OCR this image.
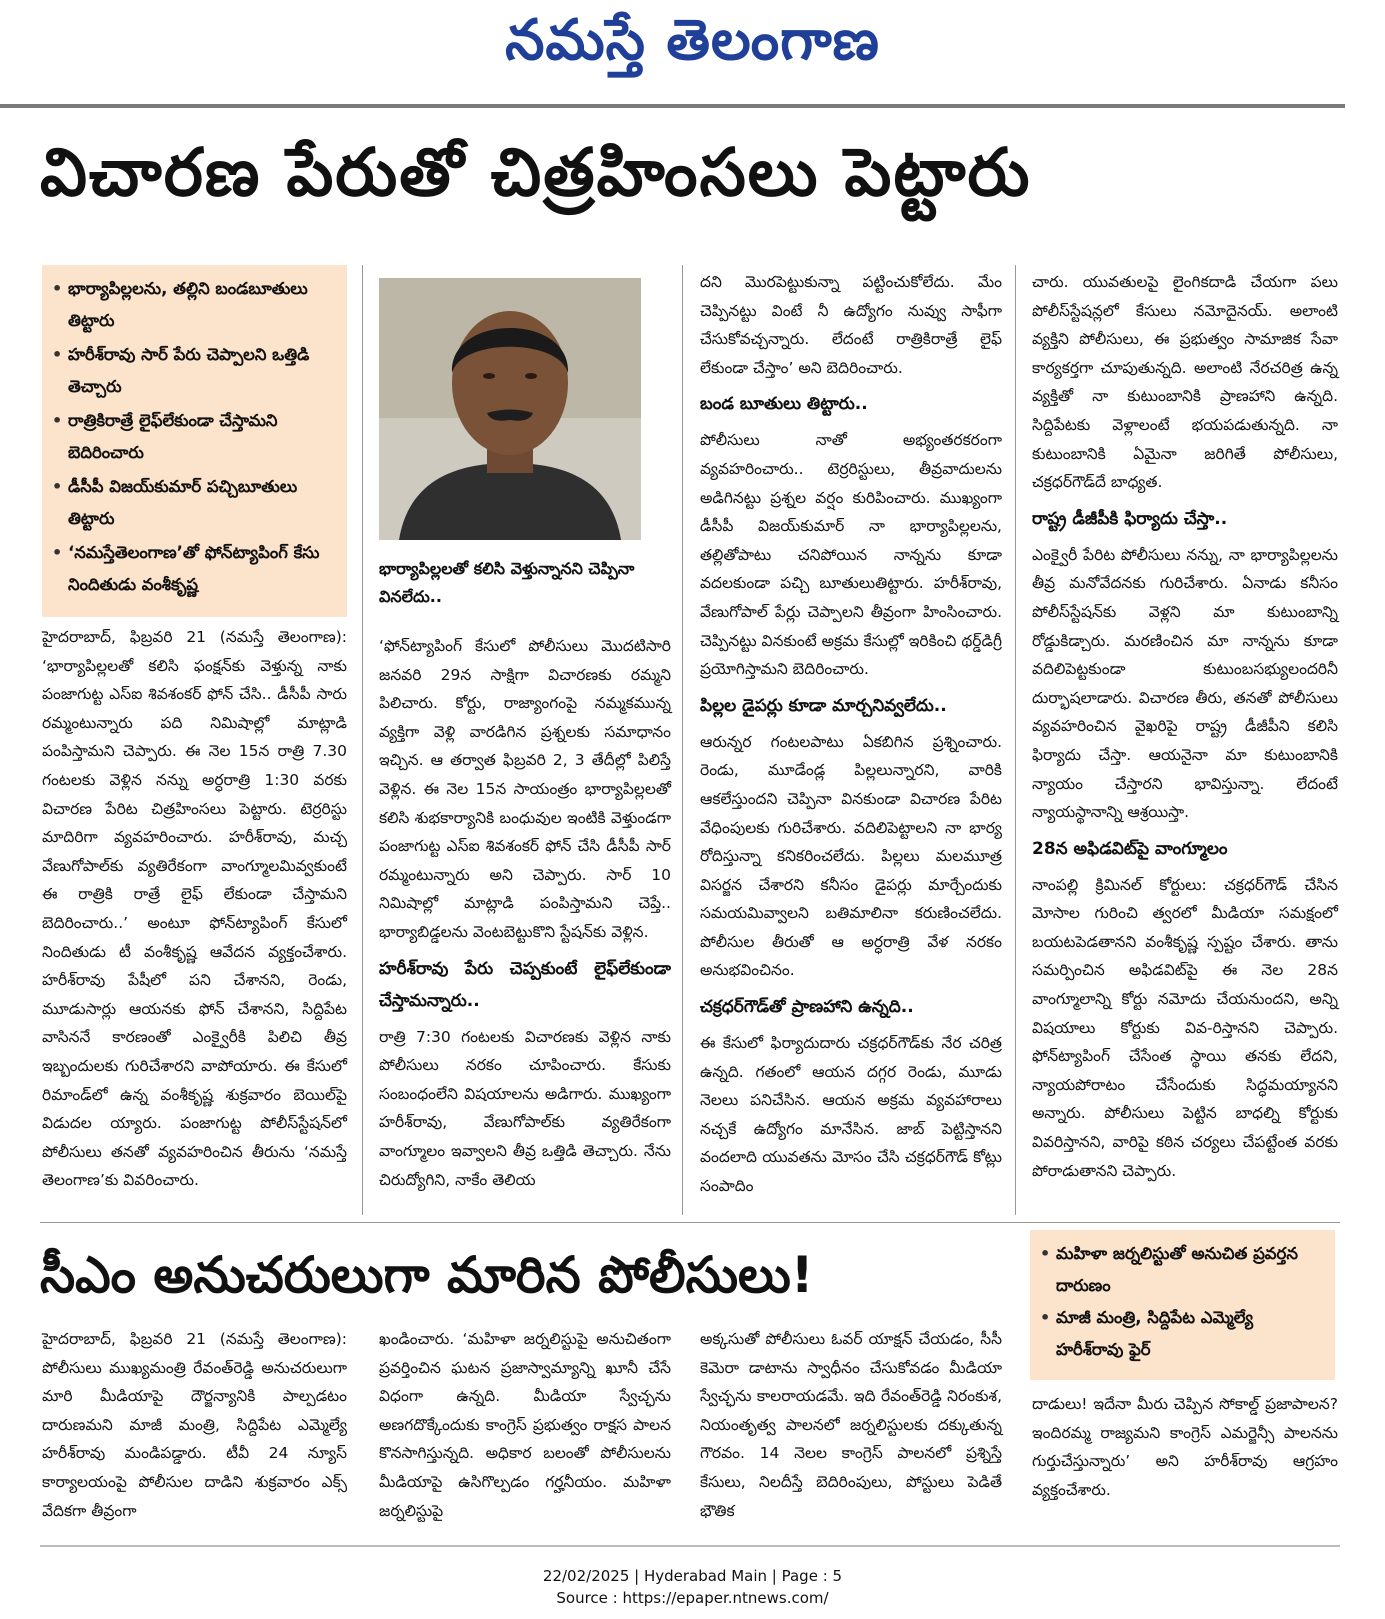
నమస్తే తెలంగాణ
విచారణ పేరుతో చిత్రహింసలు పెట్టారు
• భార్యాపిల్లలను, తల్లిని బండబూతులు తిట్టారు
• హరీశ్‌రావు సార్ పేరు చెప్పాలని ఒత్తిడి తెచ్చారు
• రాత్రికిరాత్రే లైఫ్‌లేకుండా చేస్తామని బెదిరించారు
• డీసీపీ విజయ్‌కుమార్ పచ్చిబూతులు తిట్టారు
• ‘నమస్తేతెలంగాణ’తో ఫోన్‌ట్యాపింగ్ కేసు నిందితుడు వంశీకృష్ణ
భార్యాపిల్లలతో కలిసి వెళ్తున్నానని చెప్పినా వినలేదు..

హైదరాబాద్, ఫిబ్రవరి 21 (నమస్తే తెలంగాణ): ‘భార్యాపిల్లలతో కలిసి ఫంక్షన్‌కు వెళ్తున్న నాకు పంజాగుట్ట ఎస్‌ఐ శివశంకర్ ఫోన్ చేసి.. డీసీపీ సారు రమ్మంటున్నారు పది నిమిషాల్లో మాట్లాడి పంపిస్తామని చెప్పారు. ఈ నెల 15న రాత్రి 7.30 గంటలకు వెళ్లిన నన్ను అర్ధరాత్రి 1:30 వరకు విచారణ పేరిట చిత్రహింసలు పెట్టారు. టెర్రరిస్టు మాదిరిగా వ్యవహరించారు. హరీశ్‌రావు, మచ్చ వేణుగోపాల్‌కు వ్యతిరేకంగా వాంగ్మూలమివ్వకుంటే ఈ రాత్రికి రాత్రే లైఫ్ లేకుండా చేస్తామని బెదిరించారు..’ అంటూ ఫోన్‌ట్యాపింగ్ కేసులో నిందితుడు టీ వంశీకృష్ణ ఆవేదన వ్యక్తంచేశారు. హరీశ్‌రావు పేషీలో పని చేశానని, రెండు, మూడుసార్లు ఆయనకు ఫోన్ చేశానని, సిద్దిపేట వాసిననే కారణంతో ఎంక్వైరీకి పిలిచి తీవ్ర ఇబ్బందులకు గురిచేశారని వాపోయారు. ఈ కేసులో రిమాండ్‌లో ఉన్న వంశీకృష్ణ శుక్రవారం బెయిల్‌పై విడుదల య్యారు. పంజాగుట్ట పోలీస్‌స్టేషన్‌లో పోలీసులు తనతో వ్యవహరించిన తీరును ‘నమస్తే తెలంగాణ’కు వివరించారు.

‘ఫోన్‌ట్యాపింగ్ కేసులో పోలీసులు మొదటిసారి జనవరి 29న సాక్షిగా విచారణకు రమ్మని పిలిచారు. కోర్టు, రాజ్యాంగంపై నమ్మకమున్న వ్యక్తిగా వెళ్లి వారడిగిన ప్రశ్నలకు సమాధానం ఇచ్చిన. ఆ తర్వాత ఫిబ్రవరి 2, 3 తేదీల్లో పిలిస్తే వెళ్లిన. ఈ నెల 15న సాయంత్రం భార్యాపిల్లలతో కలిసి శుభకార్యానికి బంధువుల ఇంటికి వెళ్తుండగా పంజాగుట్ట ఎస్‌ఐ శివశంకర్ ఫోన్ చేసి డీసీపీ సార్ రమ్మంటున్నారు అని చెప్పారు. సార్ 10 నిమిషాల్లో మాట్లాడి పంపిస్తామని చెప్తే.. భార్యాబిడ్డలను వెంటబెట్టుకొని స్టేషన్‌కు వెళ్లిన.

హరీశ్‌రావు పేరు చెప్పకుంటే లైఫ్‌లేకుండా చేస్తామన్నారు..

రాత్రి 7:30 గంటలకు విచారణకు వెళ్లిన నాకు పోలీసులు నరకం చూపించారు. కేసుకు సంబంధంలేని విషయాలను అడిగారు. ముఖ్యంగా హరీశ్‌రావు, వేణుగోపాల్‌కు వ్యతిరేకంగా వాంగ్మూలం ఇవ్వాలని తీవ్ర ఒత్తిడి తెచ్చారు. నేను చిరుద్యోగిని, నాకేం తెలియ

దని మొరపెట్టుకున్నా పట్టించుకోలేదు. మేం చెప్పినట్టు వింటే నీ ఉద్యోగం నువ్వు సాఫీగా చేసుకోవచ్చన్నారు. లేదంటే రాత్రికిరాత్రే లైఫ్ లేకుండా చేస్తాం’ అని బెదిరించారు.

బండ బూతులు తిట్టారు..

పోలీసులు నాతో అభ్యంతరకరంగా వ్యవహరించారు.. టెర్రరిస్టులు, తీవ్రవాదులను అడిగినట్టు ప్రశ్నల వర్షం కురిపించారు. ముఖ్యంగా డీసీపీ విజయ్‌కుమార్ నా భార్యాపిల్లలను, తల్లితోపాటు చనిపోయిన నాన్నను కూడా వదలకుండా పచ్చి బూతులుతిట్టారు. హరీశ్‌రావు, వేణుగోపాల్ పేర్లు చెప్పాలని తీవ్రంగా హింసించారు. చెప్పినట్టు వినకుంటే అక్రమ కేసుల్లో ఇరికించి థర్డ్‌డిగ్రీ ప్రయోగిస్తామని బెదిరించారు.

పిల్లల డైపర్లు కూడా మార్చనివ్వలేదు..

ఆరున్నర గంటలపాటు ఏకబిగిన ప్రశ్నించారు. రెండు, మూడేండ్ల పిల్లలున్నారని, వారికి ఆకలేస్తుందని చెప్పినా వినకుండా విచారణ పేరిట వేధింపులకు గురిచేశారు. వదిలిపెట్టాలని నా భార్య రోదిస్తున్నా కనికరించలేదు. పిల్లలు మలమూత్ర విసర్జన చేశారని కనీసం డైపర్లు మార్చేందుకు సమయమివ్వాలని బతిమాలినా కరుణించలేదు. పోలీసుల తీరుతో ఆ అర్ధరాత్రి వేళ నరకం అనుభవించినం.

చక్రధర్‌గౌడ్‌తో ప్రాణహాని ఉన్నది..

ఈ కేసులో ఫిర్యాదుదారు చక్రధర్‌గౌడ్‌కు నేర చరిత్ర ఉన్నది. గతంలో ఆయన దగ్గర రెండు, మూడు నెలలు పనిచేసిన. ఆయన అక్రమ వ్యవహారాలు నచ్చకే ఉద్యోగం మానేసిన. జాబ్ పెట్టిస్తానని వందలాది యువతను మోసం చేసి చక్రధర్‌గౌడ్ కోట్లు సంపాదిం

చారు. యువతులపై లైంగికదాడి చేయగా పలు పోలీస్‌స్టేషన్లలో కేసులు నమోదైనయ్. అలాంటి వ్యక్తిని పోలీసులు, ఈ ప్రభుత్వం సామాజిక సేవా కార్యకర్తగా చూపుతున్నది. అలాంటి నేరచరిత్ర ఉన్న వ్యక్తితో నా కుటుంబానికి ప్రాణహాని ఉన్నది. సిద్దిపేటకు వెళ్లాలంటే భయపడుతున్నది. నా కుటుంబానికి ఏమైనా జరిగితే పోలీసులు, చక్రధర్‌గౌడ్‌దే బాధ్యత.

రాష్ట్ర డీజీపీకి ఫిర్యాదు చేస్తా..

ఎంక్వైరీ పేరిట పోలీసులు నన్ను, నా భార్యాపిల్లలను తీవ్ర మనోవేదనకు గురిచేశారు. ఏనాడు కనీసం పోలీస్‌స్టేషన్‌కు వెళ్లని మా కుటుంబాన్ని రోడ్డుకిడ్చారు. మరణించిన మా నాన్నను కూడా వదిలిపెట్టకుండా కుటుంబసభ్యులందరినీ దుర్భాషలాడారు. విచారణ తీరు, తనతో పోలీసులు వ్యవహరించిన వైఖరిపై రాష్ట్ర డీజీపీని కలిసి ఫిర్యాదు చేస్తా. ఆయనైనా మా కుటుంబానికి న్యాయం చేస్తారని భావిస్తున్నా. లేదంటే న్యాయస్థానాన్ని ఆశ్రయిస్తా.

28న అఫిడవిట్‌పై వాంగ్మూలం

నాంపల్లి క్రిమినల్ కోర్టులు: చక్రధర్‌గౌడ్ చేసిన మోసాల గురించి త్వరలో మీడియా సమక్షంలో బయటపెడతానని వంశీకృష్ణ స్పష్టం చేశారు. తాను సమర్పించిన అఫిడవిట్‌పై ఈ నెల 28న వాంగ్మూలాన్ని కోర్టు నమోదు చేయనుందని, అన్ని విషయాలు కోర్టుకు వివ-రిస్తానని చెప్పారు. ఫోన్‌ట్యాపింగ్ చేసేంత స్థాయి తనకు లేదని, న్యాయపోరాటం చేసేందుకు సిద్ధమయ్యానని అన్నారు. పోలీసులు పెట్టిన బాధల్ని కోర్టుకు వివరిస్తానని, వారిపై కఠిన చర్యలు చేపట్టేంత వరకు పోరాడుతానని చెప్పారు.

సీఎం అనుచరులుగా మారిన పోలీసులు!	• మహిళా జర్నలిస్టుతో అనుచిత ప్రవర్తన దారుణం
• మాజీ మంత్రి, సిద్దిపేట ఎమ్మెల్యే హరీశ్‌రావు ఫైర్

హైదరాబాద్, ఫిబ్రవరి 21 (నమస్తే తెలంగాణ): పోలీసులు ముఖ్యమంత్రి రేవంత్‌రెడ్డి అనుచరులుగా మారి మీడియాపై దౌర్జన్యానికి పాల్పడటం దారుణమని మాజీ మంత్రి, సిద్దిపేట ఎమ్మెల్యే హరీశ్‌రావు మండిపడ్డారు. టీవీ 24 న్యూస్ కార్యాలయంపై పోలీసుల దాడిని శుక్రవారం ఎక్స్ వేదికగా తీవ్రంగా

ఖండించారు. ‘మహిళా జర్నలిస్టుపై అనుచితంగా ప్రవర్తించిన ఘటన ప్రజాస్వామ్యాన్ని ఖూనీ చేసే విధంగా ఉన్నది. మీడియా స్వేచ్ఛను అణగదొక్కేందుకు కాంగ్రెస్ ప్రభుత్వం రాక్షస పాలన కొనసాగిస్తున్నది. అధికార బలంతో పోలీసులను మీడియాపై ఉసిగొల్పడం గర్హనీయం. మహిళా జర్నలిస్టుపై

అక్కసుతో పోలీసులు ఓవర్ యాక్షన్ చేయడం, సీసీ కెమెరా డాటాను స్వాధీనం చేసుకోవడం మీడియా స్వేచ్ఛను కాలరాయడమే. ఇది రేవంత్‌రెడ్డి నిరంకుశ, నియంతృత్వ పాలనలో జర్నలిస్టులకు దక్కుతున్న గౌరవం. 14 నెలల కాంగ్రెస్ పాలనలో ప్రశ్నిస్తే కేసులు, నిలదీస్తే బెదిరింపులు, పోస్టులు పెడితే భౌతిక

దాడులు! ఇదేనా మీరు చెప్పిన సోకాల్డ్ ప్రజాపాలన? ఇందిరమ్మ రాజ్యమని కాంగ్రెస్ ఎమర్జెన్సీ పాలనను గుర్తుచేస్తున్నారు’ అని హరీశ్‌రావు ఆగ్రహం వ్యక్తంచేశారు.

22/02/2025 | Hyderabad Main | Page : 5
Source : https://epaper.ntnews.com/
